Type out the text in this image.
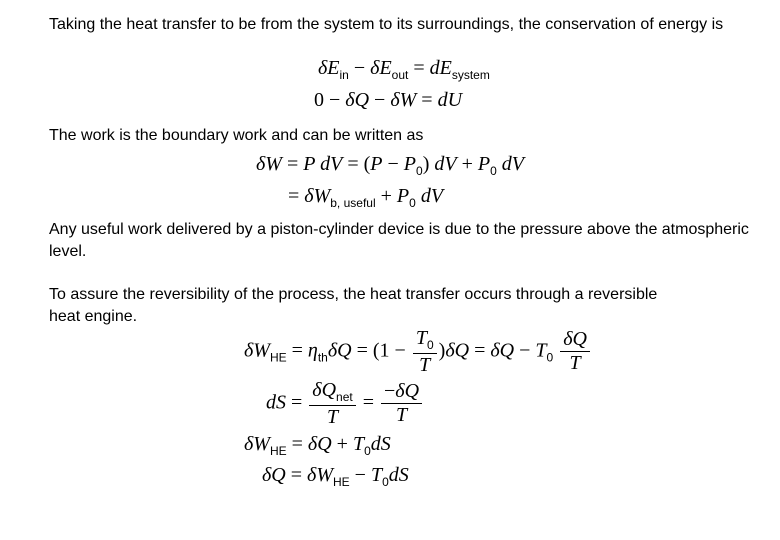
Taking the heat transfer to be from the system to its surroundings, the conservation of energy is

$\delta E_{in} - \delta E_{out} = dE_{system}$
0 − δQ − δW = dU

The work is the boundary work and can be written as

δW = P dV = $(P - P_0)$ dV + $P_0$ dV
= $\delta W_{b, useful} + P_0$ dV

Any useful work delivered by a piston-cylinder device is due to the pressure above the atmospheric level.

To assure the reversibility of the process, the heat transfer occurs through a reversible heat engine.

$\delta W_{HE} = \eta_{th}\delta Q = (1 - \frac{T_0}{T} )\delta Q = \delta Q - T_0 \frac{\delta Q}{T}$
dS = $\frac{\delta Q_{net}}{T} = \frac{-\delta Q}{T}$
$\delta W_{HE} = \delta Q + T_0dS$
$\delta Q = \delta W_{HE} - T_0dS$
